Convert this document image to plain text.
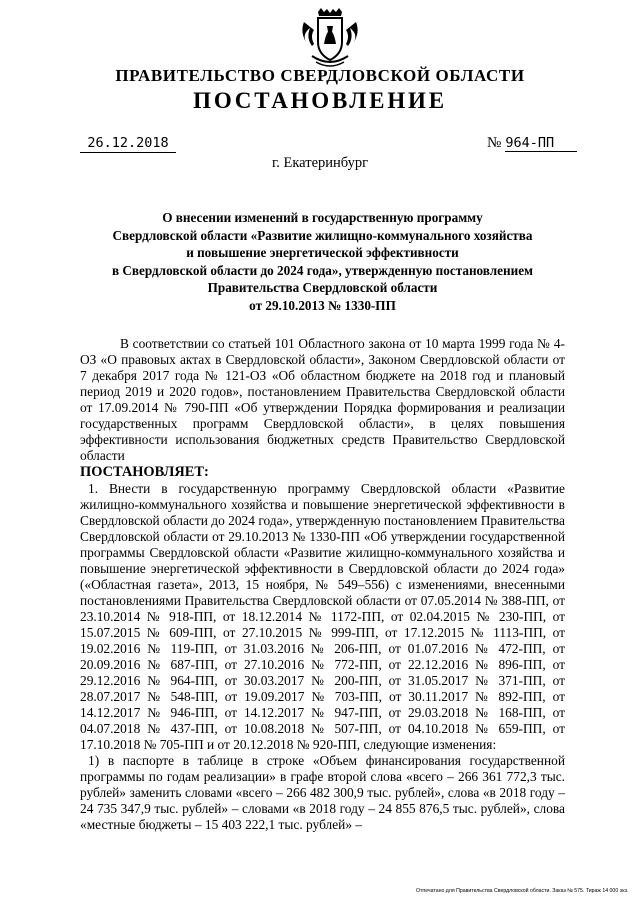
ПРАВИТЕЛЬСТВО СВЕРДЛОВСКОЙ ОБЛАСТИ
ПОСТАНОВЛЕНИЕ
26.12.2018	№ 964-ПП
г. Екатеринбург
О внесении изменений в государственную программу
Свердловской области «Развитие жилищно-коммунального хозяйства
и повышение энергетической эффективности
в Свердловской области до 2024 года», утвержденную постановлением
Правительства Свердловской области
от 29.10.2013 № 1330-ПП

В соответствии со статьей 101 Областного закона от 10 марта 1999 года № 4-ОЗ «О правовых актах в Свердловской области», Законом Свердловской области от 7 декабря 2017 года № 121-ОЗ «Об областном бюджете на 2018 год и плановый период 2019 и 2020 годов», постановлением Правительства Свердловской области от 17.09.2014 № 790-ПП «Об утверждении Порядка формирования и реализации государственных программ Свердловской области», в целях повышения эффективности использования бюджетных средств Правительство Свердловской области

ПОСТАНОВЛЯЕТ:

1. Внести в государственную программу Свердловской области «Развитие жилищно-коммунального хозяйства и повышение энергетической эффективности в Свердловской области до 2024 года», утвержденную постановлением Правительства Свердловской области от 29.10.2013 № 1330-ПП «Об утверждении государственной программы Свердловской области «Развитие жилищно-коммунального хозяйства и повышение энергетической эффективности в Свердловской области до 2024 года» («Областная газета», 2013, 15 ноября, № 549–556) с изменениями, внесенными постановлениями Правительства Свердловской области от 07.05.2014 № 388-ПП, от 23.10.2014 № 918-ПП, от 18.12.2014 № 1172-ПП, от 02.04.2015 № 230-ПП, от 15.07.2015 № 609-ПП, от 27.10.2015 № 999-ПП, от 17.12.2015 № 1113-ПП, от 19.02.2016 № 119-ПП, от 31.03.2016 № 206-ПП, от 01.07.2016 № 472-ПП, от 20.09.2016 № 687-ПП, от 27.10.2016 № 772-ПП, от 22.12.2016 № 896-ПП, от 29.12.2016 № 964-ПП, от 30.03.2017 № 200-ПП, от 31.05.2017 № 371-ПП, от 28.07.2017 № 548-ПП, от 19.09.2017 № 703-ПП, от 30.11.2017 № 892-ПП, от 14.12.2017 № 946-ПП, от 14.12.2017 № 947-ПП, от 29.03.2018 № 168-ПП, от 04.07.2018 № 437-ПП, от 10.08.2018 № 507-ПП, от 04.10.2018 № 659-ПП, от 17.10.2018 № 705-ПП и от 20.12.2018 № 920-ПП, следующие изменения:

1) в паспорте в таблице в строке «Объем финансирования государственной программы по годам реализации» в графе второй слова «всего – 266 361 772,3 тыс. рублей» заменить словами «всего – 266 482 300,9 тыс. рублей», слова «в 2018 году – 24 735 347,9 тыс. рублей» – словами «в 2018 году – 24 855 876,5 тыс. рублей», слова «местные бюджеты – 15 403 222,1 тыс. рублей» –

Отпечатано для Правительства Свердловской области. Заказ № 575. Тираж 14 000 экз.
